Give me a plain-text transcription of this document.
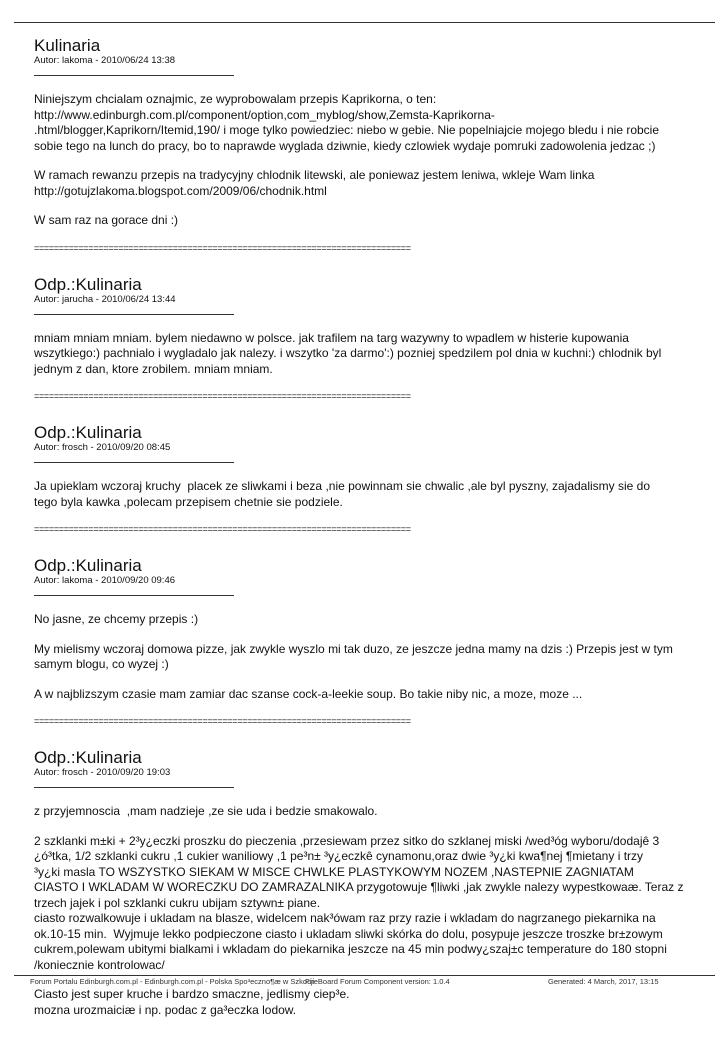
Kulinaria

Autor: lakoma - 2010/06/24 13:38

Niniejszym chcialam oznajmic, ze wyprobowalam przepis Kaprikorna, o ten:
http://www.edinburgh.com.pl/component/option,com_myblog/show,Zemsta-Kaprikorna-
.html/blogger,Kaprikorn/Itemid,190/ i moge tylko powiedziec: niebo w gebie. Nie popelniajcie mojego bledu i nie robcie
sobie tego na lunch do pracy, bo to naprawde wyglada dziwnie, kiedy czlowiek wydaje pomruki zadowolenia jedzac ;)

W ramach rewanzu przepis na tradycyjny chlodnik litewski, ale poniewaz jestem leniwa, wkleje Wam linka
http://gotujzlakoma.blogspot.com/2009/06/chodnik.html

W sam raz na gorace dni :)

============================================================================

Odp.:Kulinaria

Autor: jarucha - 2010/06/24 13:44

mniam mniam mniam. bylem niedawno w polsce. jak trafilem na targ wazywny to wpadlem w histerie kupowania
wszytkiego:) pachnialo i wygladalo jak nalezy. i wszytko 'za darmo':) pozniej spedzilem pol dnia w kuchni:) chlodnik byl
jednym z dan, ktore zrobilem. mniam mniam.

============================================================================

Odp.:Kulinaria

Autor: frosch - 2010/09/20 08:45

Ja upieklam wczoraj kruchy  placek ze sliwkami i beza ,nie powinnam sie chwalic ,ale byl pyszny, zajadalismy sie do
tego byla kawka ,polecam przepisem chetnie sie podziele.

============================================================================

Odp.:Kulinaria

Autor: lakoma - 2010/09/20 09:46

No jasne, ze chcemy przepis :)

My mielismy wczoraj domowa pizze, jak zwykle wyszlo mi tak duzo, ze jeszcze jedna mamy na dzis :) Przepis jest w tym
samym blogu, co wyzej :)

A w najblizszym czasie mam zamiar dac szanse cock-a-leekie soup. Bo takie niby nic, a moze, moze ...

============================================================================

Odp.:Kulinaria

Autor: frosch - 2010/09/20 19:03

z przyjemnoscia  ,mam nadzieje ,ze sie uda i bedzie smakowalo.

2 szklanki m±ki + 2³y¿eczki proszku do pieczenia ,przesiewam przez sitko do szklanej miski /wed³óg wyboru/dodajê 3
¿ó³tka, 1/2 szklanki cukru ,1 cukier waniliowy ,1 pe³n± ³y¿eczkê cynamonu,oraz dwie ³y¿ki kwa¶nej ¶mietany i trzy
³y¿ki masla TO WSZYSTKO SIEKAM W MISCE CHWLKE PLASTYKOWYM NOZEM ,NASTEPNIE ZAGNIATAM
CIASTO I WKLADAM W WORECZKU DO ZAMRAZALNIKA przygotowuje ¶liwki ,jak zwykle nalezy wypestkowaæ. Teraz z
trzech jajek i pol szklanki cukru ubijam sztywn± piane.
ciasto rozwalkowuje i ukladam na blasze, widelcem nak³ówam raz przy razie i wkladam do nagrzanego piekarnika na
ok.10-15 min.  Wyjmuje lekko podpieczone ciasto i ukladam sliwki skórka do dolu, posypuje jeszcze troszke br±zowym
cukrem,polewam ubitymi bialkami i wkladam do piekarnika jeszcze na 45 min podwy¿szaj±c temperature do 180 stopni
/koniecznie kontrolowac/

Ciasto jest super kruche i bardzo smaczne, jedlismy ciep³e.
mozna urozmaiciæ i np. podac z ga³eczka lodow.

Forum Portalu Edinburgh.com.pl - Edinburgh.com.pl - Polska Spo³eczno¶æ w Szkocji
FireBoard Forum Component version: 1.0.4	Generated: 4 March, 2017, 13:15
